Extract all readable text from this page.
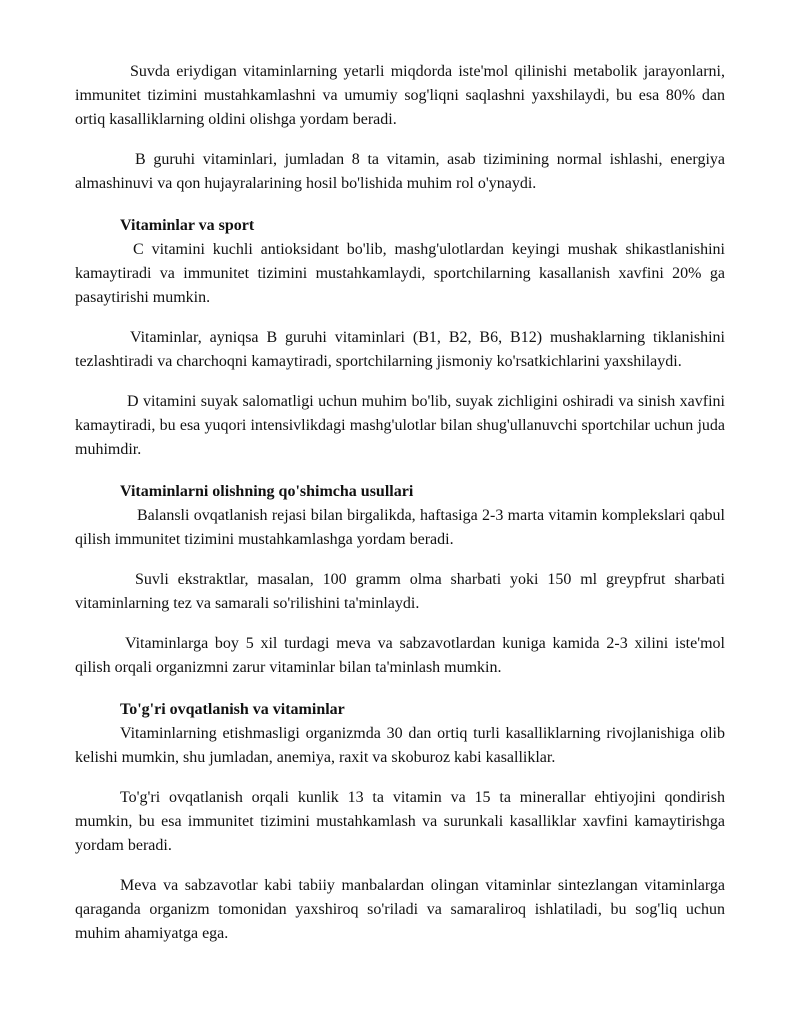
Suvda eriydigan vitaminlarning yetarli miqdorda iste'mol qilinishi metabolik jarayonlarni, immunitet tizimini mustahkamlashni va umumiy sog'liqni saqlashni yaxshilaydi, bu esa 80% dan ortiq kasalliklarning oldini olishga yordam beradi.

B guruhi vitaminlari, jumladan 8 ta vitamin, asab tizimining normal ishlashi, energiya almashinuvi va qon hujayralarining hosil bo'lishida muhim rol o'ynaydi.

Vitaminlar va sport

C vitamini kuchli antioksidant bo'lib, mashg'ulotlardan keyingi mushak shikastlanishini kamaytiradi va immunitet tizimini mustahkamlaydi, sportchilarning kasallanish xavfini 20% ga pasaytirishi mumkin.

Vitaminlar, ayniqsa B guruhi vitaminlari (B1, B2, B6, B12) mushaklarning tiklanishini tezlashtiradi va charchoqni kamaytiradi, sportchilarning jismoniy ko'rsatkichlarini yaxshilaydi.

D vitamini suyak salomatligi uchun muhim bo'lib, suyak zichligini oshiradi va sinish xavfini kamaytiradi, bu esa yuqori intensivlikdagi mashg'ulotlar bilan shug'ullanuvchi sportchilar uchun juda muhimdir.

Vitaminlarni olishning qo'shimcha usullari

Balansli ovqatlanish rejasi bilan birgalikda, haftasiga 2-3 marta vitamin komplekslari qabul qilish immunitet tizimini mustahkamlashga yordam beradi.

Suvli ekstraktlar, masalan, 100 gramm olma sharbati yoki 150 ml greypfrut sharbati vitaminlarning tez va samarali so'rilishini ta'minlaydi.

Vitaminlarga boy 5 xil turdagi meva va sabzavotlardan kuniga kamida 2-3 xilini iste'mol qilish orqali organizmni zarur vitaminlar bilan ta'minlash mumkin.

To'g'ri ovqatlanish va vitaminlar

Vitaminlarning etishmasligi organizmda 30 dan ortiq turli kasalliklarning rivojlanishiga olib kelishi mumkin, shu jumladan, anemiya, raxit va skoburoz kabi kasalliklar.

To'g'ri ovqatlanish orqali kunlik 13 ta vitamin va 15 ta minerallar ehtiyojini qondirish mumkin, bu esa immunitet tizimini mustahkamlash va surunkali kasalliklar xavfini kamaytirishga yordam beradi.

Meva va sabzavotlar kabi tabiiy manbalardan olingan vitaminlar sintezlangan vitaminlarga qaraganda organizm tomonidan yaxshiroq so'riladi va samaraliroq ishlatiladi, bu sog'liq uchun muhim ahamiyatga ega.
